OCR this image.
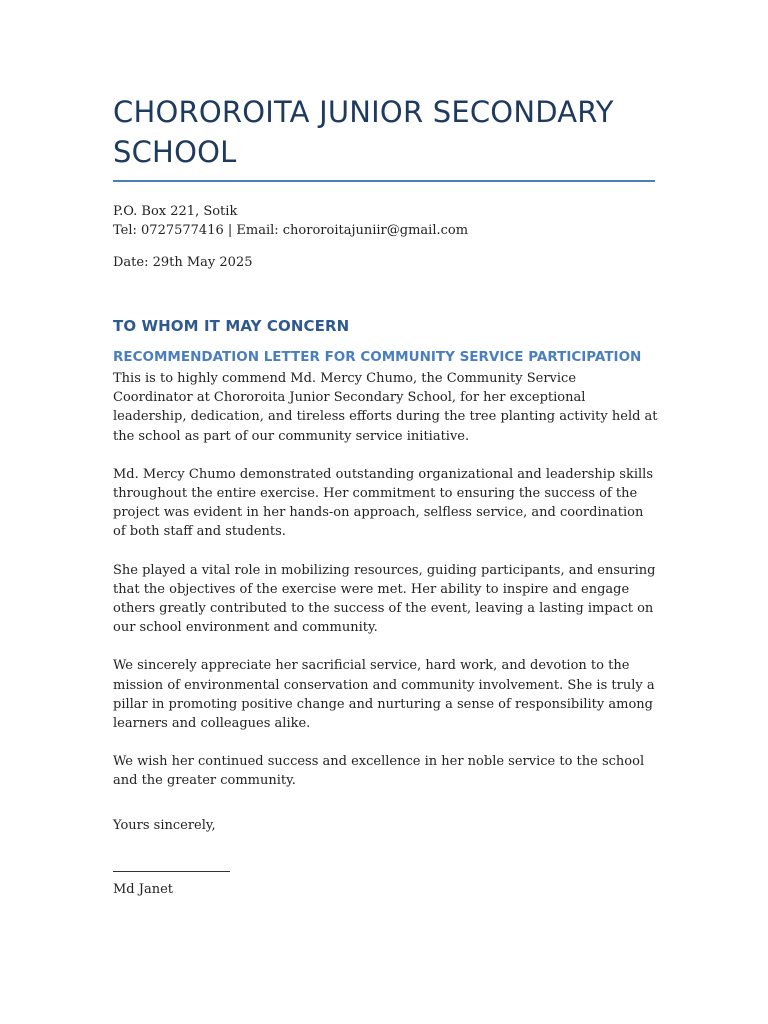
CHOROROITA JUNIOR SECONDARY
SCHOOL
P.O. Box 221, Sotik
Tel: 0727577416 | Email: chororoitajuniir@gmail.com
Date: 29th May 2025
TO WHOM IT MAY CONCERN
RECOMMENDATION LETTER FOR COMMUNITY SERVICE PARTICIPATION

This is to highly commend Md. Mercy Chumo, the Community Service Coordinator at Chororoita Junior Secondary School, for her exceptional leadership, dedication, and tireless efforts during the tree planting activity held at the school as part of our community service initiative.

Md. Mercy Chumo demonstrated outstanding organizational and leadership skills throughout the entire exercise. Her commitment to ensuring the success of the project was evident in her hands-on approach, selfless service, and coordination of both staff and students.

She played a vital role in mobilizing resources, guiding participants, and ensuring that the objectives of the exercise were met. Her ability to inspire and engage others greatly contributed to the success of the event, leaving a lasting impact on our school environment and community.

We sincerely appreciate her sacrificial service, hard work, and devotion to the mission of environmental conservation and community involvement. She is truly a pillar in promoting positive change and nurturing a sense of responsibility among learners and colleagues alike.

We wish her continued success and excellence in her noble service to the school and the greater community.

Yours sincerely,
Md Janet
